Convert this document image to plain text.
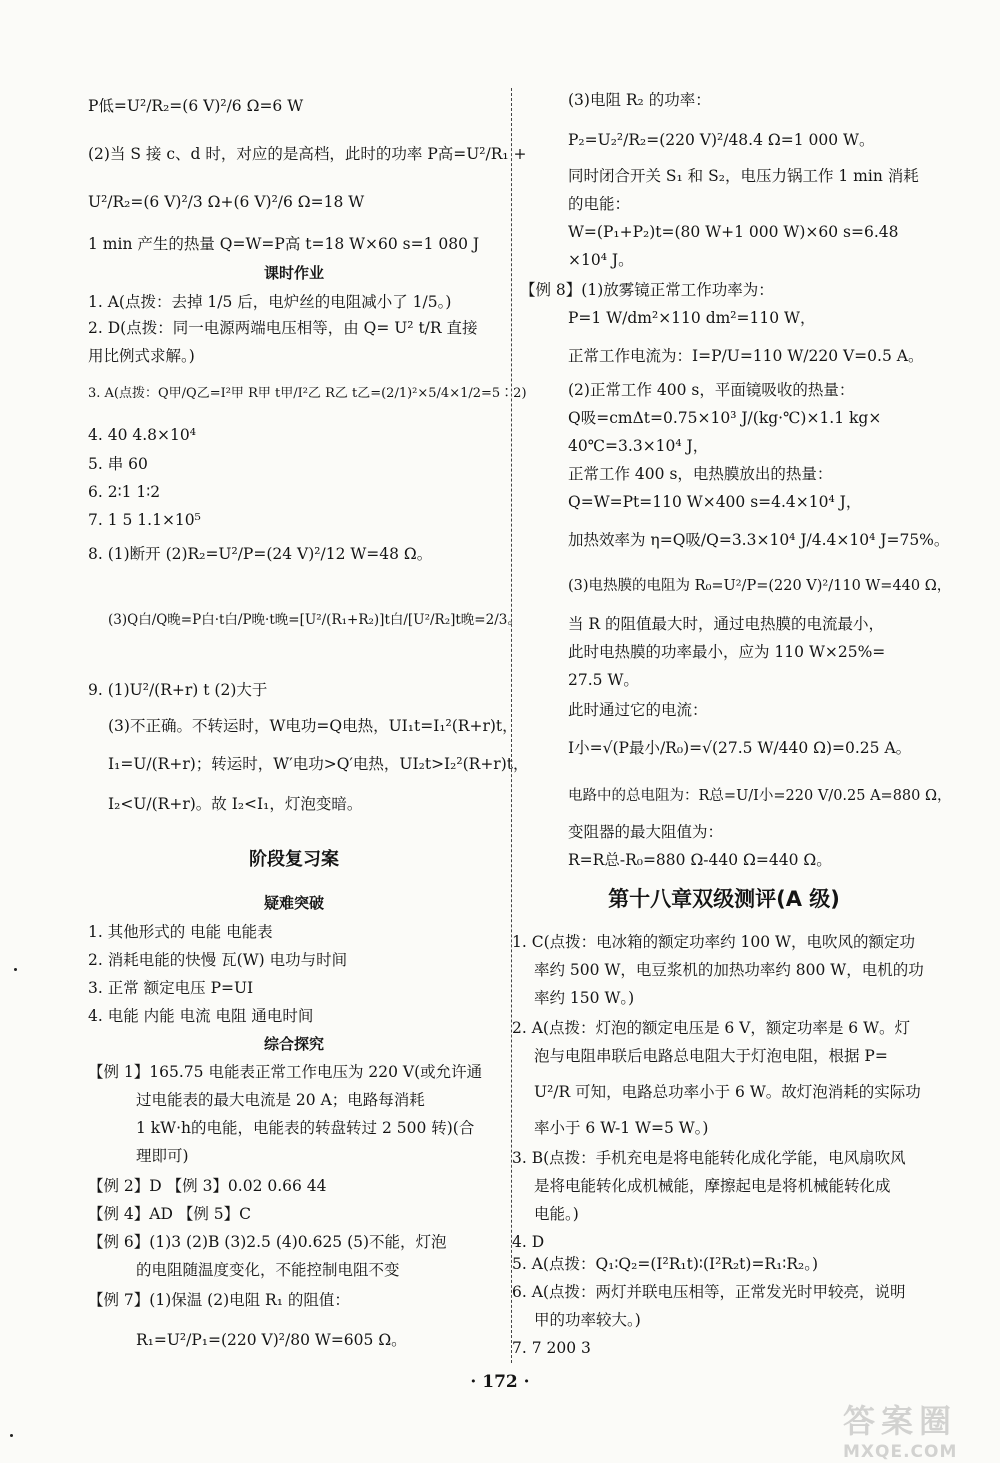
P低=U²/R₂=(6 V)²/6 Ω=6 W
(2)当 S 接 c、d 时，对应的是高档，此时的功率 P高=U²/R₁ +
U²/R₂=(6 V)²/3 Ω+(6 V)²/6 Ω=18 W
1 min 产生的热量 Q=W=P高 t=18 W×60 s=1 080 J
课时作业
1. A(点拨：去掉 1/5 后，电炉丝的电阻减小了 1/5。)
2. D(点拨：同一电源两端电压相等，由 Q= U² t/R 直接
用比例式求解。)
3. A(点拨：Q甲/Q乙=I²甲 R甲 t甲/I²乙 R乙 t乙=(2/1)²×5/4×1/2=5∶2)
4. 40 4.8×10⁴
5. 串 60
6. 2∶1 1∶2
7. 1 5 1.1×10⁵
8. (1)断开 (2)R₂=U²/P=(24 V)²/12 W=48 Ω。
(3)Q白/Q晚=P白·t白/P晚·t晚=[U²/(R₁+R₂)]t白/[U²/R₂]t晚=2/3。
9. (1)U²/(R+r) t (2)大于
(3)不正确。不转运时，W电功=Q电热，UI₁t=I₁²(R+r)t，
I₁=U/(R+r)；转运时，W′电功>Q′电热，UI₂t>I₂²(R+r)t，
I₂<U/(R+r)。故 I₂<I₁，灯泡变暗。
阶段复习案
疑难突破
1. 其他形式的 电能 电能表
2. 消耗电能的快慢 瓦(W) 电功与时间
3. 正常 额定电压 P=UI
4. 电能 内能 电流 电阻 通电时间
综合探究
【例 1】165.75 电能表正常工作电压为 220 V(或允许通
过电能表的最大电流是 20 A；电路每消耗
1 kW·h的电能，电能表的转盘转过 2 500 转)(合
理即可)
【例 2】D 【例 3】0.02 0.66 44
【例 4】AD 【例 5】C
【例 6】(1)3 (2)B (3)2.5 (4)0.625 (5)不能，灯泡
的电阻随温度变化，不能控制电阻不变
【例 7】(1)保温 (2)电阻 R₁ 的阻值：
R₁=U²/P₁=(220 V)²/80 W=605 Ω。
(3)电阻 R₂ 的功率：
P₂=U₂²/R₂=(220 V)²/48.4 Ω=1 000 W。
同时闭合开关 S₁ 和 S₂，电压力锅工作 1 min 消耗
的电能：
W=(P₁+P₂)t=(80 W+1 000 W)×60 s=6.48
×10⁴ J。
【例 8】(1)放雾镜正常工作功率为：
P=1 W/dm²×110 dm²=110 W，
正常工作电流为：I=P/U=110 W/220 V=0.5 A。
(2)正常工作 400 s，平面镜吸收的热量：
Q吸=cmΔt=0.75×10³ J/(kg·℃)×1.1 kg×
40℃=3.3×10⁴ J，
正常工作 400 s，电热膜放出的热量：
Q=W=Pt=110 W×400 s=4.4×10⁴ J，
加热效率为 η=Q吸/Q=3.3×10⁴ J/4.4×10⁴ J=75%。
(3)电热膜的电阻为 R₀=U²/P=(220 V)²/110 W=440 Ω，
当 R 的阻值最大时，通过电热膜的电流最小，
此时电热膜的功率最小，应为 110 W×25%=
27.5 W。
此时通过它的电流：
I小=√(P最小/R₀)=√(27.5 W/440 Ω)=0.25 A。
电路中的总电阻为：R总=U/I小=220 V/0.25 A=880 Ω，
变阻器的最大阻值为：
R=R总-R₀=880 Ω-440 Ω=440 Ω。
第十八章双级测评(A 级)
1. C(点拨：电冰箱的额定功率约 100 W，电吹风的额定功
率约 500 W，电豆浆机的加热功率约 800 W，电机的功
率约 150 W。)
2. A(点拨：灯泡的额定电压是 6 V，额定功率是 6 W。灯
泡与电阻串联后电路总电阻大于灯泡电阻，根据 P=
U²/R 可知，电路总功率小于 6 W。故灯泡消耗的实际功
率小于 6 W-1 W=5 W。)
3. B(点拨：手机充电是将电能转化成化学能，电风扇吹风
是将电能转化成机械能，摩擦起电是将机械能转化成
电能。)
4. D
5. A(点拨：Q₁∶Q₂=(I²R₁t)∶(I²R₂t)=R₁∶R₂。)
6. A(点拨：两灯并联电压相等，正常发光时甲较亮，说明
甲的功率较大。)
7. 7 200 3
· 172 ·
答案圈
MXQE.COM
